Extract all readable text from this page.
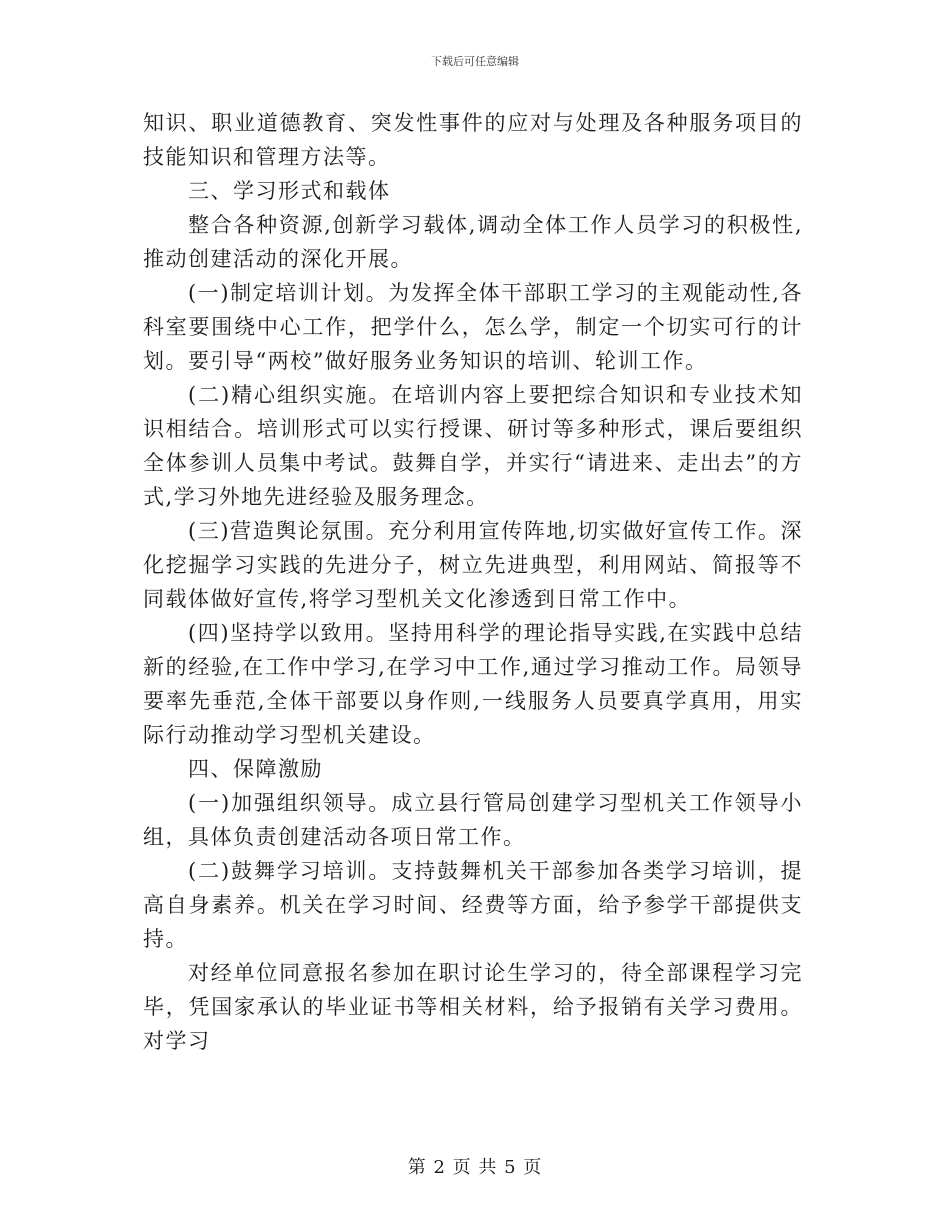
下载后可任意编辑

知识、职业道德教育、突发性事件的应对与处理及各种服务项目的技能知识和管理方法等。

三、学习形式和载体

整合各种资源,创新学习载体,调动全体工作人员学习的积极性,推动创建活动的深化开展。

(一)制定培训计划。为发挥全体干部职工学习的主观能动性,各科室要围绕中心工作，把学什么，怎么学，制定一个切实可行的计划。要引导“两校”做好服务业务知识的培训、轮训工作。

(二)精心组织实施。在培训内容上要把综合知识和专业技术知识相结合。培训形式可以实行授课、研讨等多种形式，课后要组织全体参训人员集中考试。鼓舞自学，并实行“请进来、走出去”的方式,学习外地先进经验及服务理念。

(三)营造舆论氛围。充分利用宣传阵地,切实做好宣传工作。深化挖掘学习实践的先进分子，树立先进典型，利用网站、简报等不同载体做好宣传,将学习型机关文化渗透到日常工作中。

(四)坚持学以致用。坚持用科学的理论指导实践,在实践中总结新的经验,在工作中学习,在学习中工作,通过学习推动工作。局领导要率先垂范,全体干部要以身作则,一线服务人员要真学真用，用实际行动推动学习型机关建设。

四、保障激励

(一)加强组织领导。成立县行管局创建学习型机关工作领导小组，具体负责创建活动各项日常工作。

(二)鼓舞学习培训。支持鼓舞机关干部参加各类学习培训，提高自身素养。机关在学习时间、经费等方面，给予参学干部提供支持。

对经单位同意报名参加在职讨论生学习的，待全部课程学习完毕，凭国家承认的毕业证书等相关材料，给予报销有关学习费用。对学习

第 2 页 共 5 页
